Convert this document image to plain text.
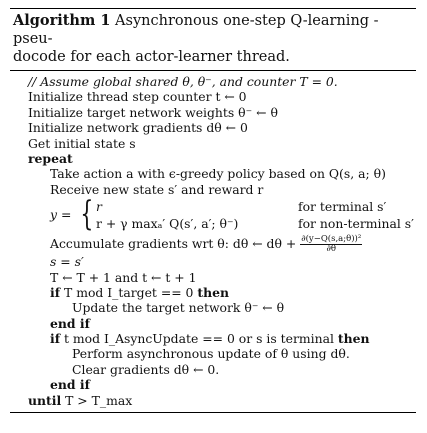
Algorithm 1 Asynchronous one-step Q-learning - pseu-
docode for each actor-learner thread.
// Assume global shared θ, θ⁻, and counter T = 0.
Initialize thread step counter t ← 0
Initialize target network weights θ⁻ ← θ
Initialize network gradients dθ ← 0
Get initial state s
repeat
Take action a with ϵ-greedy policy based on Q(s, a; θ)
Receive new state s′ and reward r
y = { r	for terminal s′
r + γ maxₐ′ Q(s′, a′; θ⁻)	for non-terminal s′
Accumulate gradients wrt θ: dθ ← $d\theta + \frac{\text{∂(y−Q(s,a;θ))²}}{\partial\theta}$
s = s′
T ← T + 1 and t ← t + 1
if T mod I_target == 0 then
Update the target network θ⁻ ← θ
end if
if t mod I_AsyncUpdate == 0 or s is terminal then
Perform asynchronous update of θ using dθ.
Clear gradients dθ ← 0.
end if
until T > T_max
